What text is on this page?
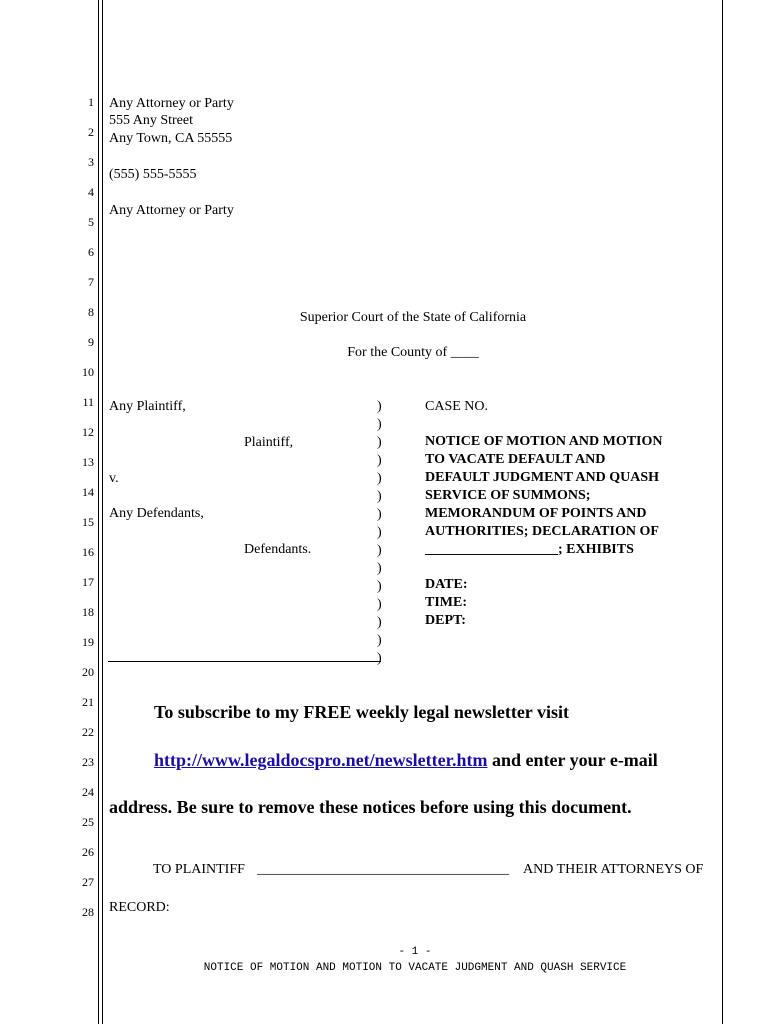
1
2
3
4
5
6
7
8
9
10
11
12
13
14
15
16
17
18
19
20
21
22
23
24
25
26
27
28
Any Attorney or Party
555 Any Street
Any Town, CA 55555
(555) 555-5555
Any Attorney or Party
Superior Court of the State of California
For the County of ____
Any Plaintiff,
Plaintiff,
v.
Any Defendants,
Defendants.
)
)
)
)
)
)
)
)
)
)
)
)
)
)
)
CASE NO.
NOTICE OF MOTION AND MOTION
TO VACATE DEFAULT AND
DEFAULT JUDGMENT AND QUASH
SERVICE OF SUMMONS;
MEMORANDUM OF POINTS AND
AUTHORITIES; DECLARATION OF
___________________; EXHIBITS
DATE:
TIME:
DEPT:
To subscribe to my FREE weekly legal newsletter visit
http://www.legaldocspro.net/newsletter.htm and enter your e-mail
address. Be sure to remove these notices before using this document.
TO PLAINTIFF ____________________________________ AND THEIR ATTORNEYS OF
RECORD:
- 1 -
NOTICE OF MOTION AND MOTION TO VACATE JUDGMENT AND QUASH SERVICE
